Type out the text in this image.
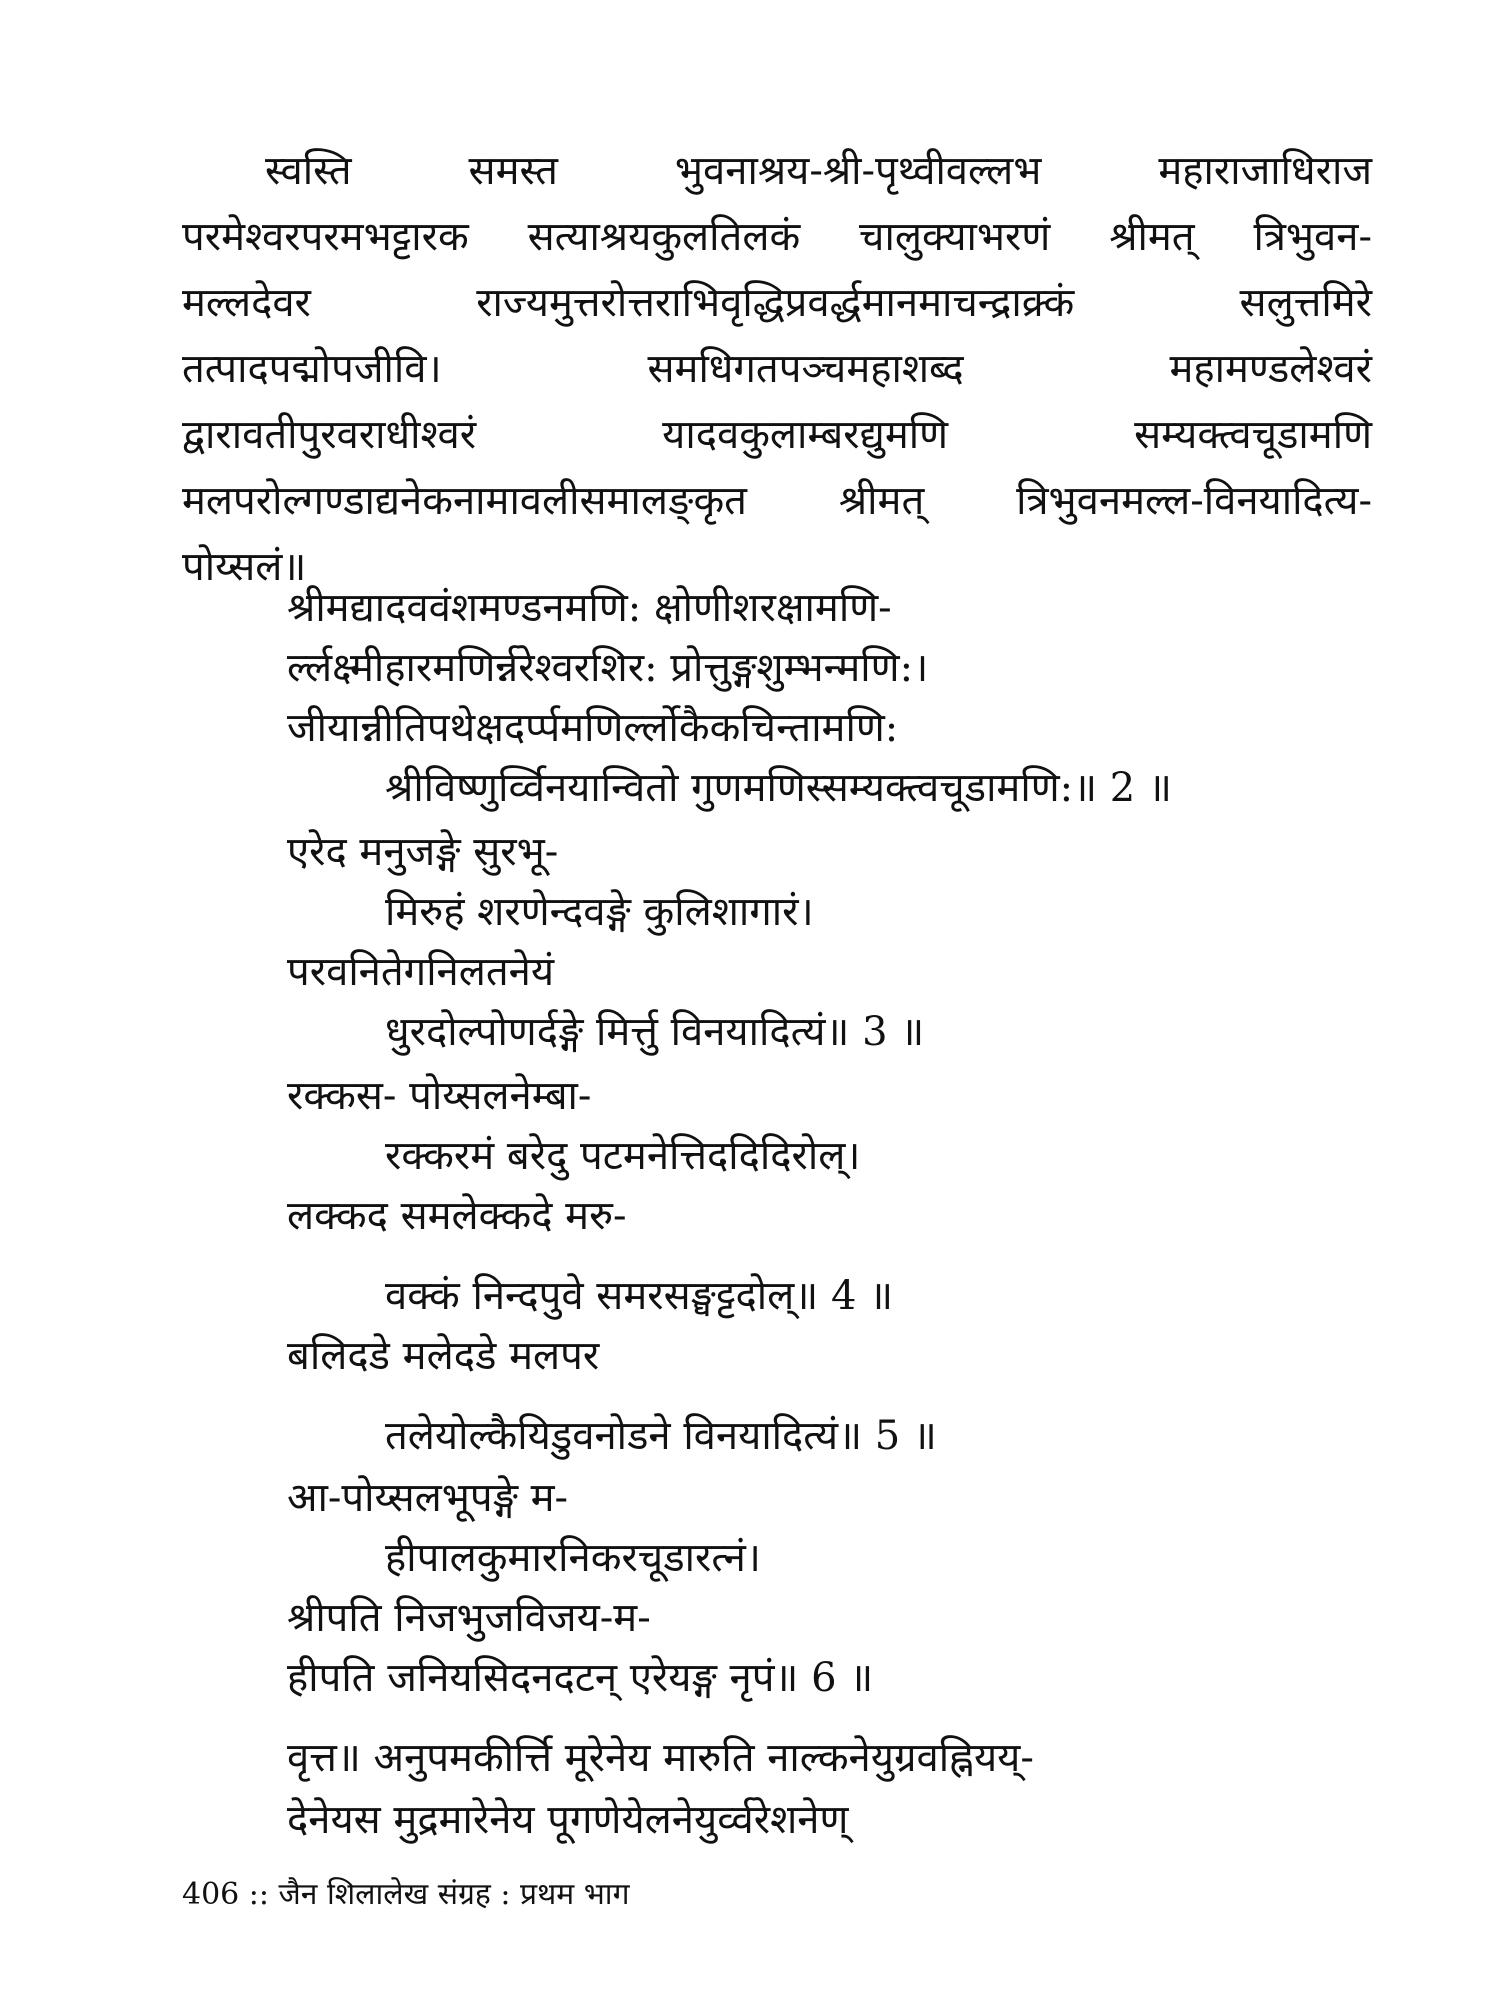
स्वस्ति समस्त भुवनाश्रय-श्री-पृथ्वीवल्लभ महाराजाधिराज
परमेश्वरपरमभट्टारक सत्याश्रयकुलतिलकं चालुक्याभरणं श्रीमत् त्रिभुवन-
मल्लदेवर राज्यमुत्तरोत्तराभिवृद्धिप्रवर्द्धमानमाचन्द्राक्र्कं सलुत्तमिरे
तत्पादपद्मोपजीवि। समधिगतपञ्चमहाशब्द महामण्डलेश्वरं
द्वारावतीपुरवराधीश्वरं यादवकुलाम्बरद्युमणि सम्यक्त्वचूडामणि
मलपरोल्गण्डाद्यनेकनामावलीसमालङ्कृत श्रीमत् त्रिभुवनमल्ल-विनयादित्य-
पोय्सलं॥
श्रीमद्यादववंशमण्डनमणि: क्षोणीशरक्षामणि-
र्ल्लक्ष्मीहारमणिर्न्नरेश्वरशिर: प्रोत्तुङ्गशुम्भन्मणि:।
जीयान्नीतिपथेक्षदर्प्पमणिर्ल्लोकैकचिन्तामणि:
श्रीविष्णुर्व्विनयान्वितो गुणमणिस्सम्यक्त्वचूडामणि:॥ 2 ॥
एरेद मनुजङ्गे सुरभू-
मिरुहं शरणेन्दवङ्गे कुलिशागारं।
परवनितेगनिलतनेयं
धुरदोल्पोणर्दङ्गे मिर्त्तु विनयादित्यं॥ 3 ॥
रक्कस- पोय्सलनेम्बा-
रक्करमं बरेदु पटमनेत्तिददिदिरोल्।
लक्कद समलेक्कदे मरु-
वक्कं निन्दपुवे समरसङ्घट्टदोल्॥ 4 ॥
बलिदडे मलेदडे मलपर
तलेयोल्कैयिडुवनोडने विनयादित्यं॥ 5 ॥
आ-पोय्सलभूपङ्गे म-
हीपालकुमारनिकरचूडारत्नं।
श्रीपति निजभुजविजय-म-
हीपति जनियसिदनदटन् एरेयङ्ग नृपं॥ 6 ॥
वृत्त॥ अनुपमकीर्त्ति मूरेनेय मारुति नाल्कनेयुग्रवह्नियय्-
देनेयस मुद्रमारेनेय पूगणेयेलनेयुर्व्वरेशनेण्
406 :: जैन शिलालेख संग्रह : प्रथम भाग
